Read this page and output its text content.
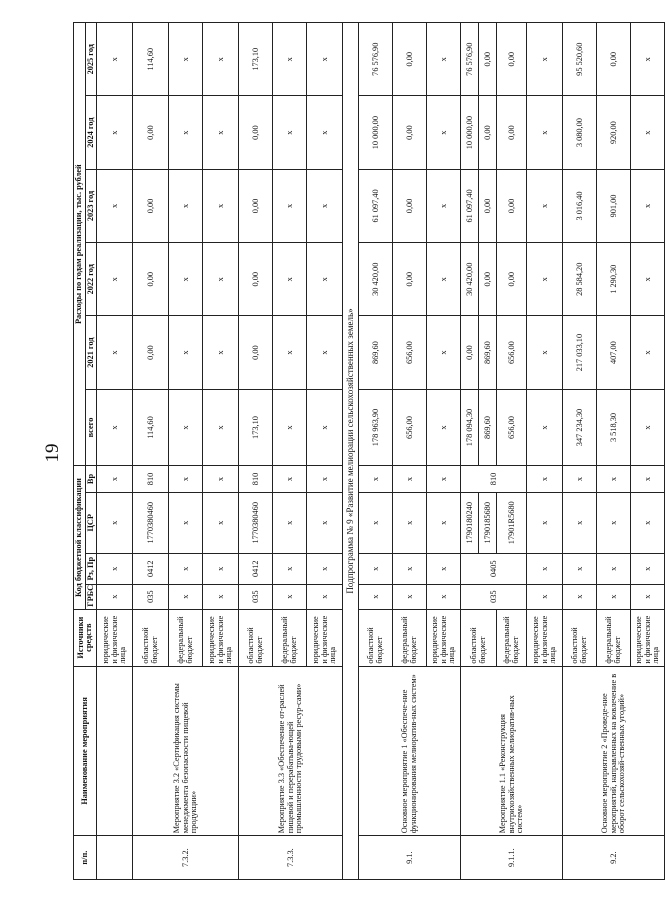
19
п/п.	Наименование мероприятия	Источники средств	Код бюджетной классификации				Расходы по годам реализации, тыс. рублей					
			ГРБС	Рз, Пр	ЦСР	Вр	всего	2021 год	2022 год	2023 год	2024 год	2025 год
		юридические и физические лица	x	x	x	x	x	x	x	x	x	x
7.3.2.	Мероприятие 3.2 «Сертификация системы менеджмента безопасности пищевой продукции»	областной бюджет	035	0412	1770380460	810	114,60	0,00	0,00	0,00	0,00	114,60
		федеральный бюджет	x	x	x	x	x	x	x	x	x	x
		юридические и физические лица	x	x	x	x	x	x	x	x	x	x
7.3.3.	Мероприятие 3.3 «Обеспечение от-раслей пищевой и перерабатыва-ющей промышленности трудовыми ресур-сами»	областной бюджет	035	0412	1770380460	810	173,10	0,00	0,00	0,00	0,00	173,10
		федеральный бюджет	x	x	x	x	x	x	x	x	x	x
		юридические и физические лица	x	x	x	x	x	x	x	x	x	x
Подпрограмма № 9 «Развитие мелиорации сельскохозяйственных земель»												
9.1.	Основное мероприятие 1 «Обеспече-ние функционирования мелиоратив-ных систем»	областной бюджет	x	x	x	x	178 963,90	869,60	30 420,00	61 097,40	10 000,00	76 576,90
		федеральный бюджет	x	x	x	x	656,00	656,00	0,00	0,00	0,00	0,00
		юридические и физические лица	x	x	x	x	x	x	x	x	x	x
9.1.1.	Мероприятие 1.1 «Реконструкция внутрихозяйственных мелиоратив-ных систем»	областной бюджет	035	0405	1790180240	810	178 094,30	0,00	30 420,00	61 097,40	10 000,00	76 576,90
					1790185680		869,60	869,60	0,00	0,00	0,00	0,00
		федеральный бюджет			17901R5680		656,00	656,00	0,00	0,00	0,00	0,00
		юридические и физические лица	x	x	x	x	x	x	x	x	x	x
9.2.	Основное мероприятие 2 «Проведе-ние мероприятий, направленных на вовлечение в оборот сельскохозяй-ственных угодий»	областной бюджет	x	x	x	x	347 234,30	217 033,10	28 584,20	3 016,40	3 080,00	95 520,60
		федеральный бюджет	x	x	x	x	3 518,30	407,00	1 290,30	901,00	920,00	0,00
		юридические и физические лица	x	x	x	x	x	x	x	x	x	x
